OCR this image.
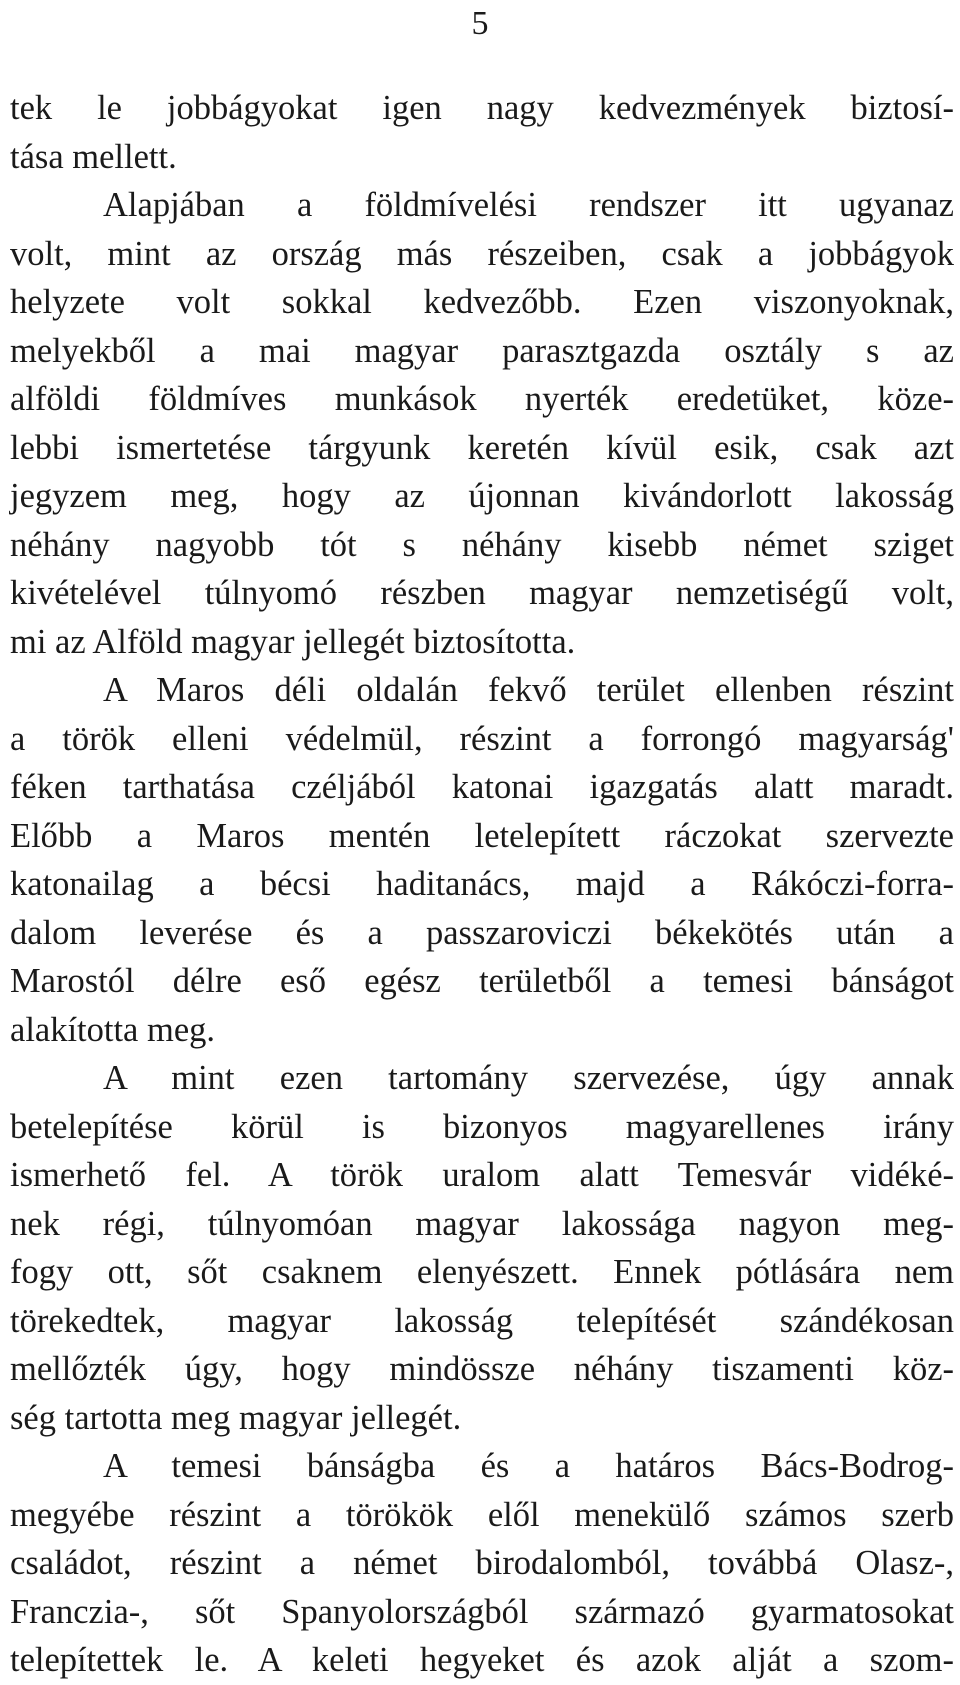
5
tek le jobbágyokat igen nagy kedvezmények biztosí-
tása mellett.
Alapjában a földmívelési rendszer itt ugyanaz
volt, mint az ország más részeiben, csak a jobbágyok
helyzete volt sokkal kedvezőbb. Ezen viszonyoknak,
melyekből a mai magyar parasztgazda osztály s az
alföldi földmíves munkások nyerték eredetüket, köze-
lebbi ismertetése tárgyunk keretén kívül esik, csak azt
jegyzem meg, hogy az újonnan kivándorlott lakosság
néhány nagyobb tót s néhány kisebb német sziget
kivételével túlnyomó részben magyar nemzetiségű volt,
mi az Alföld magyar jellegét biztosította.
A Maros déli oldalán fekvő terület ellenben részint
a török elleni védelmül, részint a forrongó magyarság'
féken tarthatása czéljából katonai igazgatás alatt maradt.
Előbb a Maros mentén letelepített ráczokat szervezte
katonailag a bécsi haditanács, majd a Rákóczi-forra-
dalom leverése és a passzaroviczi békekötés után a
Marostól délre eső egész területből a temesi bánságot
alakította meg.
A mint ezen tartomány szervezése, úgy annak
betelepítése körül is bizonyos magyarellenes irány
ismerhető fel. A török uralom alatt Temesvár vidéké-
nek régi, túlnyomóan magyar lakossága nagyon meg-
fogy ott, sőt csaknem elenyészett. Ennek pótlására nem
törekedtek, magyar lakosság telepítését szándékosan
mellőzték úgy, hogy mindössze néhány tiszamenti köz-
ség tartotta meg magyar jellegét.
A temesi bánságba és a határos Bács-Bodrog-
megyébe részint a törökök elől menekülő számos szerb
családot, részint a német birodalomból, továbbá Olasz-,
Franczia-, sőt Spanyolországból származó gyarmatosokat
telepítettek le. A keleti hegyeket és azok alját a szom-
